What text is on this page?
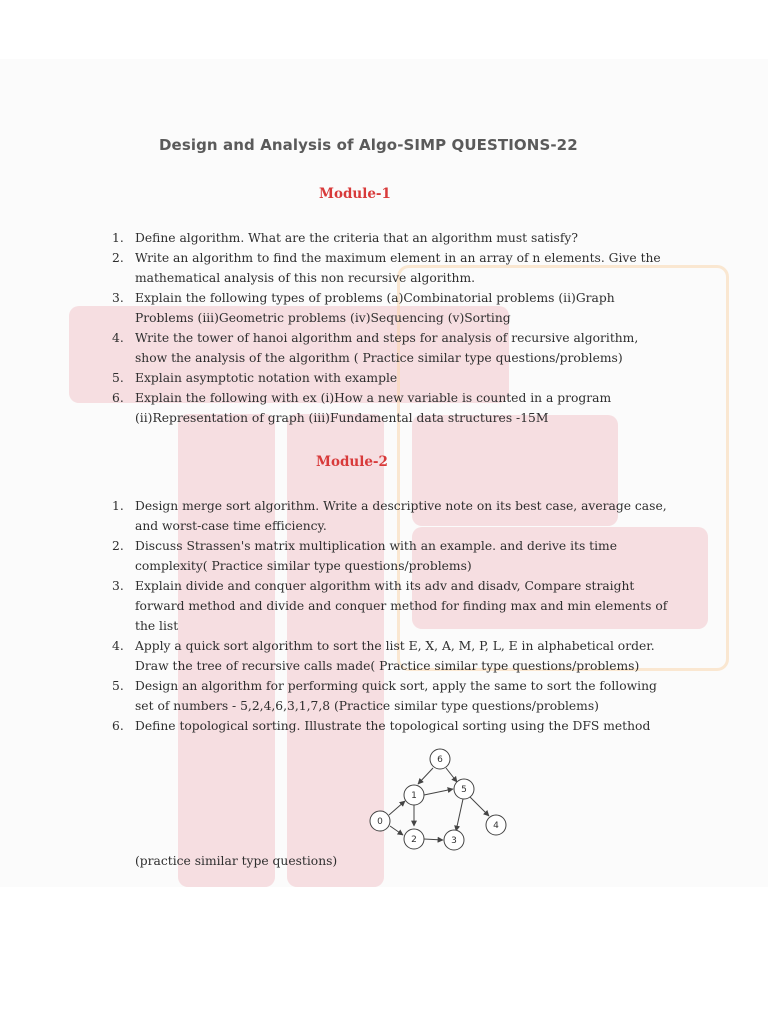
Design and Analysis of Algo-SIMP QUESTIONS-22
Module-1
1. Define algorithm. What are the criteria that an algorithm must satisfy?
2. Write an algorithm to find the maximum element in an array of n elements. Give the mathematical analysis of this non recursive algorithm.
3. Explain the following types of problems (a)Combinatorial problems (ii)Graph Problems (iii)Geometric problems (iv)Sequencing (v)Sorting
4. Write the tower of hanoi algorithm and steps for analysis of recursive algorithm, show the analysis of the algorithm ( Practice similar type questions/problems)
5. Explain asymptotic notation with example
6. Explain the following with ex (i)How a new variable is counted in a program (ii)Representation of graph (iii)Fundamental data structures -15M
Module-2
1. Design merge sort algorithm. Write a descriptive note on its best case, average case, and worst-case time efficiency.
2. Discuss Strassen's matrix multiplication with an example. and derive its time complexity( Practice similar type questions/problems)
3. Explain divide and conquer algorithm with its adv and disadv, Compare straight forward method and divide and conquer method for finding max and min elements of the list
4. Apply a quick sort algorithm to sort the list E, X, A, M, P, L, E in alphabetical order. Draw the tree of recursive calls made( Practice similar type questions/problems)
5. Design an algorithm for performing quick sort, apply the same to sort the following set of numbers - 5,2,4,6,3,1,7,8 (Practice similar type questions/problems)
6. Define topological sorting. Illustrate the topological sorting using the DFS method
0
1
2	3
4
5
6
(practice similar type questions)
